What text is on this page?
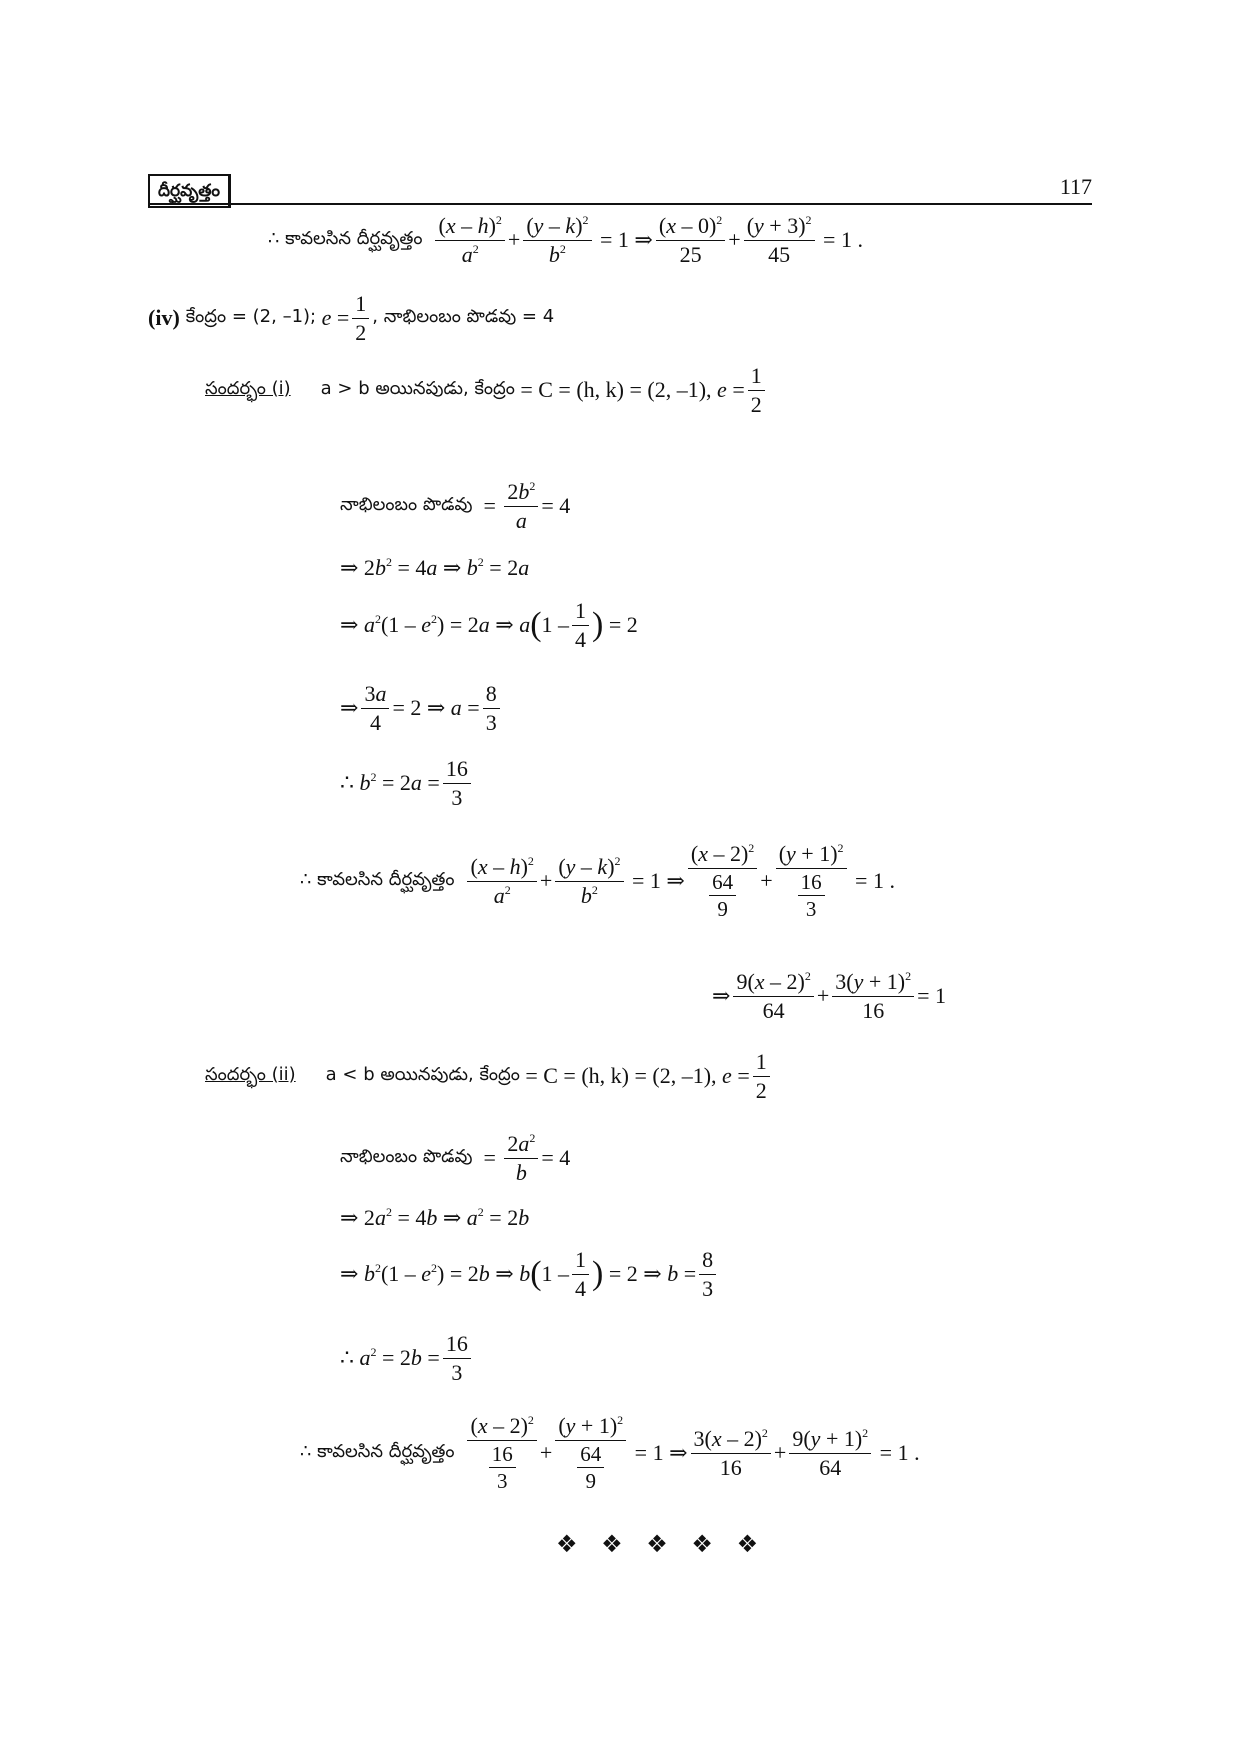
దీర్ఘవృత్తం	117
∴ కావలసిన దీర్ఘవృత్తం $\frac{(x - h)^2}{a^2} + \frac{(y - k)^2}{b^2} = 1$ ⇒ $\frac{(x - 0)^2}{25} + \frac{(y + 3)^2}{45} = 1$ .
(iv) కేంద్రం = (2, –1); $e = \frac{1}{2}$ , నాభిలంబం పొడవు = 4
సందర్భం (i) a > b అయినపుడు, కేంద్రం
= C = (h, k) = (2, –1), $e = \frac{1}{2}$
నాభిలంబం పొడవు = $\frac{2b^2}{a} = 4$
⇒ $2b^2 = 4a$ ⇒ $b^2 = 2a$
⇒ $a^2(1 - e^2) = 2a$ ⇒ a ( $1 - \frac{1}{4}$ ) = 2
⇒ $\frac{3a}{4} = 2$ ⇒ $a = \frac{8}{3}$
∴ $b^2 = 2a = \frac{16}{3}$
∴ కావలసిన దీర్ఘవృత్తం $\frac{(x - h)^2}{a^2} + \frac{(y - k)^2}{b^2} = 1$ ⇒ $\frac{(x - 2)^2}{\frac{64}{9}} + \frac{(y + 1)^2}{\frac{16}{3}} = 1$ .
⇒ $\frac{9(x - 2)^2}{64} + \frac{3(y + 1)^2}{16} = 1$
సందర్భం (ii) a < b అయినపుడు, కేంద్రం
= C = (h, k) = (2, –1), $e = \frac{1}{2}$
నాభిలంబం పొడవు = $\frac{2a^2}{b} = 4$
⇒ $2a^2 = 4b$ ⇒ $a^2 = 2b$
⇒ $b^2(1 - e^2) = 2b$ ⇒ b ( $1 - \frac{1}{4}$ ) = 2 ⇒ $b = \frac{8}{3}$
∴ $a^2 = 2b = \frac{16}{3}$
∴ కావలసిన దీర్ఘవృత్తం $\frac{(x - 2)^2}{\frac{16}{3}} + \frac{(y + 1)^2}{\frac{64}{9}} = 1$ ⇒ $\frac{3(x - 2)^2}{16} + \frac{9(y + 1)^2}{64} = 1$ .
❖ ❖ ❖ ❖ ❖
